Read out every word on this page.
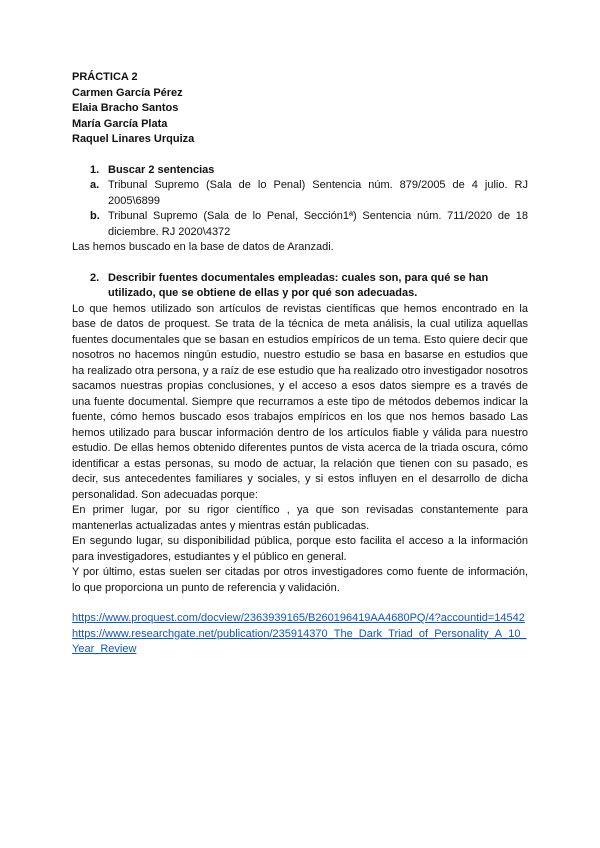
PRÁCTICA 2

Carmen García Pérez

Elaia Bracho Santos

María García Plata

Raquel Linares Urquiza

1. Buscar 2 sentencias
a. Tribunal Supremo (Sala de lo Penal) Sentencia núm. 879/2005 de 4 julio. RJ 2005\6899
b. Tribunal Supremo (Sala de lo Penal, Sección1ª) Sentencia núm. 711/2020 de 18 diciembre. RJ 2020\4372

Las hemos buscado en la base de datos de Aranzadi.

2. Describir fuentes documentales empleadas: cuales son, para qué se han utilizado, que se obtiene de ellas y por qué son adecuadas.

Lo que hemos utilizado son artículos de revistas científicas que hemos encontrado en la base de datos de proquest. Se trata de la técnica de meta análisis, la cual utiliza aquellas fuentes documentales que se basan en estudios empíricos de un tema. Esto quiere decir que nosotros no hacemos ningún estudio, nuestro estudio se basa en basarse en estudios que ha realizado otra persona, y a raíz de ese estudio que ha realizado otro investigador nosotros sacamos nuestras propias conclusiones, y el acceso a esos datos siempre es a través de una fuente documental. Siempre que recurramos a este tipo de métodos debemos indicar la fuente, cómo hemos buscado esos trabajos empíricos en los que nos hemos basado Las hemos utilizado para buscar información dentro de los artículos fiable y válida para nuestro estudio. De ellas hemos obtenido diferentes puntos de vista acerca de la triada oscura, cómo identificar a estas personas, su modo de actuar, la relación que tienen con su pasado, es decir, sus antecedentes familiares y sociales, y si estos influyen en el desarrollo de dicha personalidad. Son adecuadas porque:

En primer lugar, por su rigor científico , ya que son revisadas constantemente para mantenerlas actualizadas antes y mientras están publicadas.

En segundo lugar, su disponibilidad pública, porque esto facilita el acceso a la información para investigadores, estudiantes y el público en general.

Y por último, estas suelen ser citadas por otros investigadores como fuente de información, lo que proporciona un punto de referencia y validación.

https://www.proquest.com/docview/2363939165/B260196419AA4680PQ/4?accountid=14542
https://www.researchgate.net/publication/235914370_The_Dark_Triad_of_Personality_A_10_Year_Review
